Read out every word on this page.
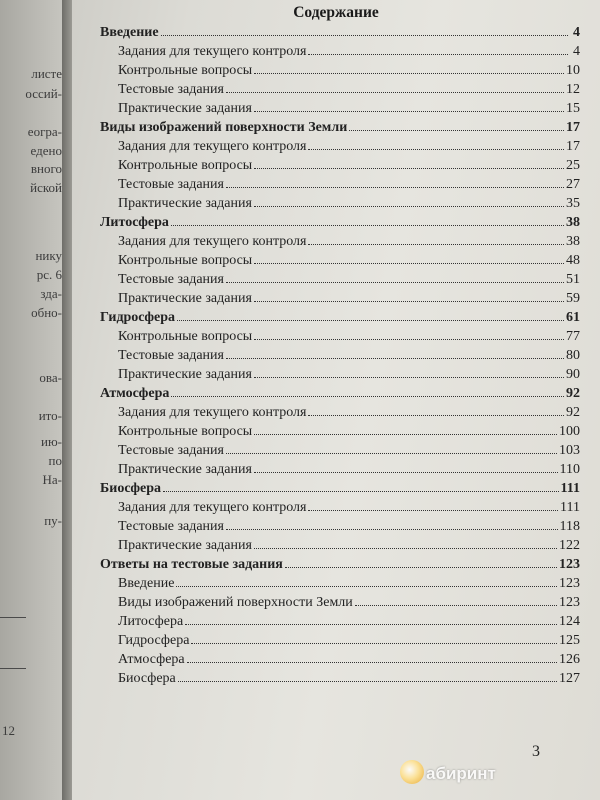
листе
оссий-
еогра-
едено
вного
йской
нику
рс. 6
зда-
обно-
ова-
ито-
ию-
по
На-
пу-
12
Содержание
Введение	4
Задания для текущего контроля	4
Контрольные вопросы	10
Тестовые задания	12
Практические задания	15
Виды изображений поверхности Земли	17
Задания для текущего контроля	17
Контрольные вопросы	25
Тестовые задания	27
Практические задания	35
Литосфера	38
Задания для текущего контроля	38
Контрольные вопросы	48
Тестовые задания	51
Практические задания	59
Гидросфера	61
Контрольные вопросы	77
Тестовые задания	80
Практические задания	90
Атмосфера	92
Задания для текущего контроля	92
Контрольные вопросы	100
Тестовые задания	103
Практические задания	110
Биосфера	111
Задания для текущего контроля	111
Тестовые задания	118
Практические задания	122
Ответы на тестовые задания	123
Введение	123
Виды изображений поверхности Земли	123
Литосфера	124
Гидросфера	125
Атмосфера	126
Биосфера	127
3
абиринт
